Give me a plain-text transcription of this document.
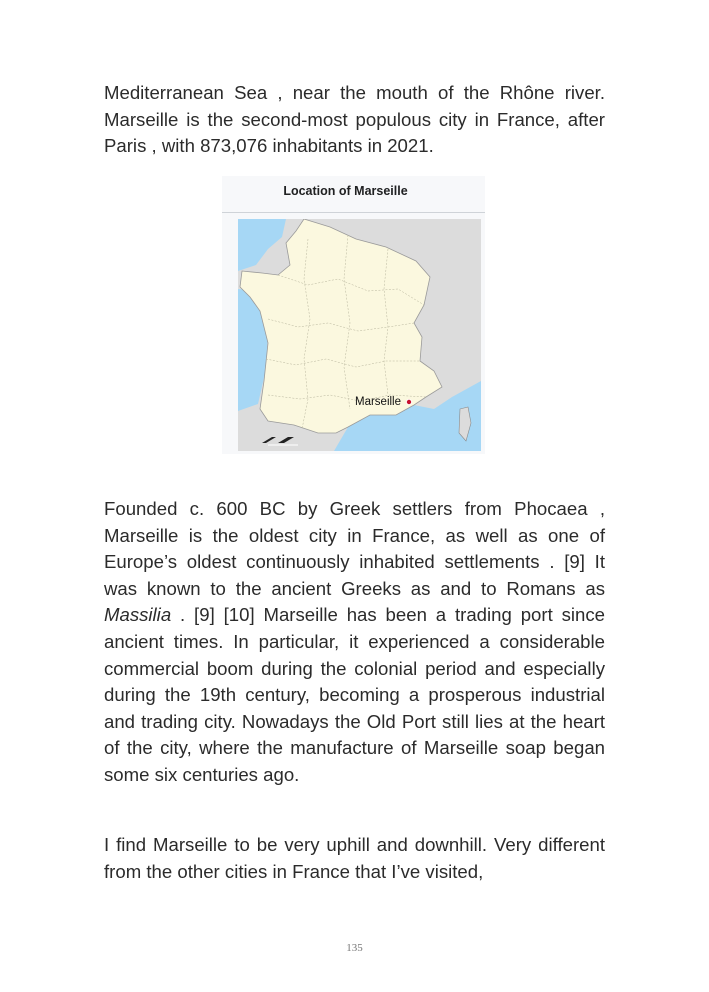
Mediterranean Sea , near the mouth of the Rhône river. Marseille is the second-most populous city in France, after Paris , with 873,076 inhabitants in 2021.

Location of Marseille
Marseille

Founded c. 600 BC by Greek settlers from Phocaea , Marseille is the oldest city in France, as well as one of Europe’s oldest continuously inhabited settlements . [9] It was known to the ancient Greeks as and to Romans as Massilia . [9] [10] Marseille has been a trading port since ancient times. In particular, it experienced a considerable commercial boom during the colonial period and especially during the 19th century, becoming a prosperous industrial and trading city. Nowadays the Old Port still lies at the heart of the city, where the manufacture of Marseille soap began some six centuries ago.

I find Marseille to be very uphill and downhill. Very different from the other cities in France that I’ve visited,

135
